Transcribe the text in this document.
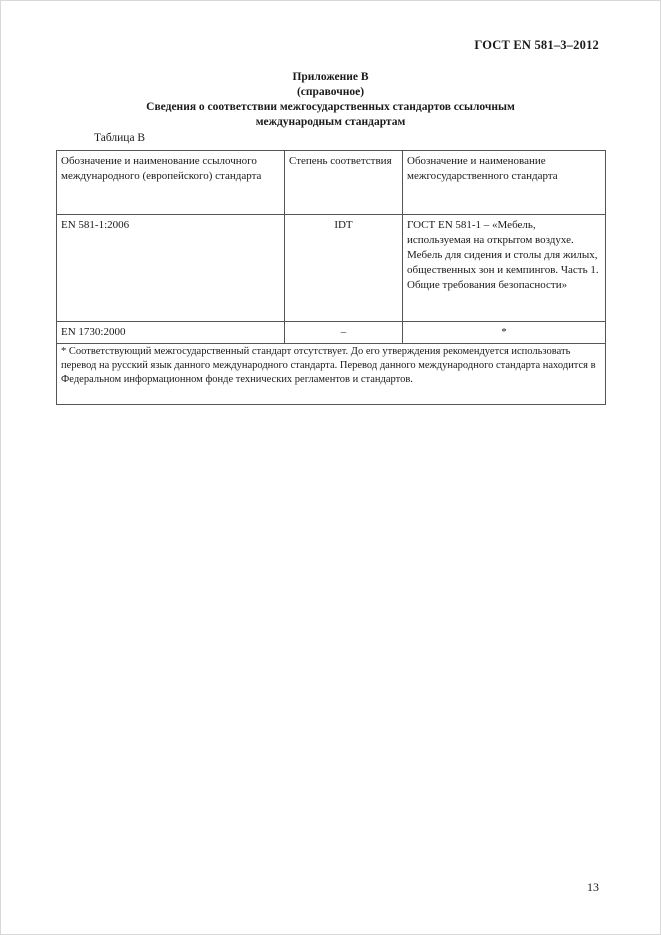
ГОСТ EN 581–3–2012
Приложение В
(справочное)
Сведения о соответствии межгосударственных стандартов ссылочным
международным стандартам
Таблица В
Обозначение и наименование ссылочного международного (европейского) стандарта	Степень соответствия	Обозначение и наименование межгосударственного стандарта
EN 581-1:2006	IDT	ГОСТ EN 581-1 – «Мебель, используемая на открытом воздухе. Мебель для сидения и столы для жилых, общественных зон и кемпингов. Часть 1. Общие требования безопасности»
EN 1730:2000	–	*
* Соответствующий межгосударственный стандарт отсутствует. До его утверждения рекомендуется использовать перевод на русский язык данного международного стандарта. Перевод данного международного стандарта находится в Федеральном информационном фонде технических регламентов и стандартов.		
13
